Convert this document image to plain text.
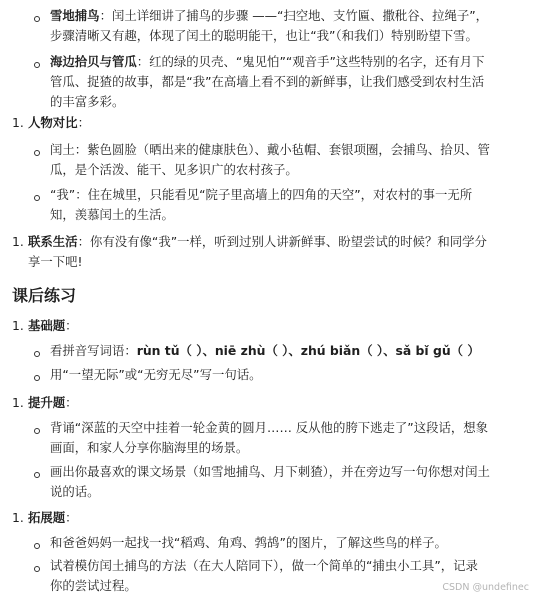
雪地捕鸟：闰土详细讲了捕鸟的步骤 ——“扫空地、支竹匾、撒秕谷、拉绳子”，步骤清晰又有趣，体现了闰土的聪明能干，也让“我”（和我们）特别盼望下雪。
海边拾贝与管瓜：红的绿的贝壳、“鬼见怕”“观音手”这些特别的名字，还有月下管瓜、捉猹的故事，都是“我”在高墙上看不到的新鲜事，让我们感受到农村生活的丰富多彩。
1. 人物对比：
闰土：紫色圆脸（晒出来的健康肤色）、戴小毡帽、套银项圈，会捕鸟、拾贝、管瓜，是个活泼、能干、见多识广的农村孩子。
“我”：住在城里，只能看见“院子里高墙上的四角的天空”，对农村的事一无所知，羡慕闰土的生活。
1. 联系生活：你有没有像“我”一样，听到过别人讲新鲜事、盼望尝试的时候？和同学分享一下吧!
课后练习
1. 基础题：
看拼音写词语：rùn tǔ（ ）、niē zhù（ ）、zhú biǎn（ ）、sǎ bǐ gǔ（ ）
用“一望无际”或“无穷无尽”写一句话。
1. 提升题：
背诵“深蓝的天空中挂着一轮金黄的圆月…… 反从他的胯下逃走了”这段话，想象画面，和家人分享你脑海里的场景。
画出你最喜欢的课文场景（如雪地捕鸟、月下刺猹），并在旁边写一句你想对闰土说的话。
1. 拓展题：
和爸爸妈妈一起找一找“稻鸡、角鸡、鹁鸪”的图片，了解这些鸟的样子。
试着模仿闰土捕鸟的方法（在大人陪同下），做一个简单的“捕虫小工具”，记录你的尝试过程。	CSDN @undefinec
